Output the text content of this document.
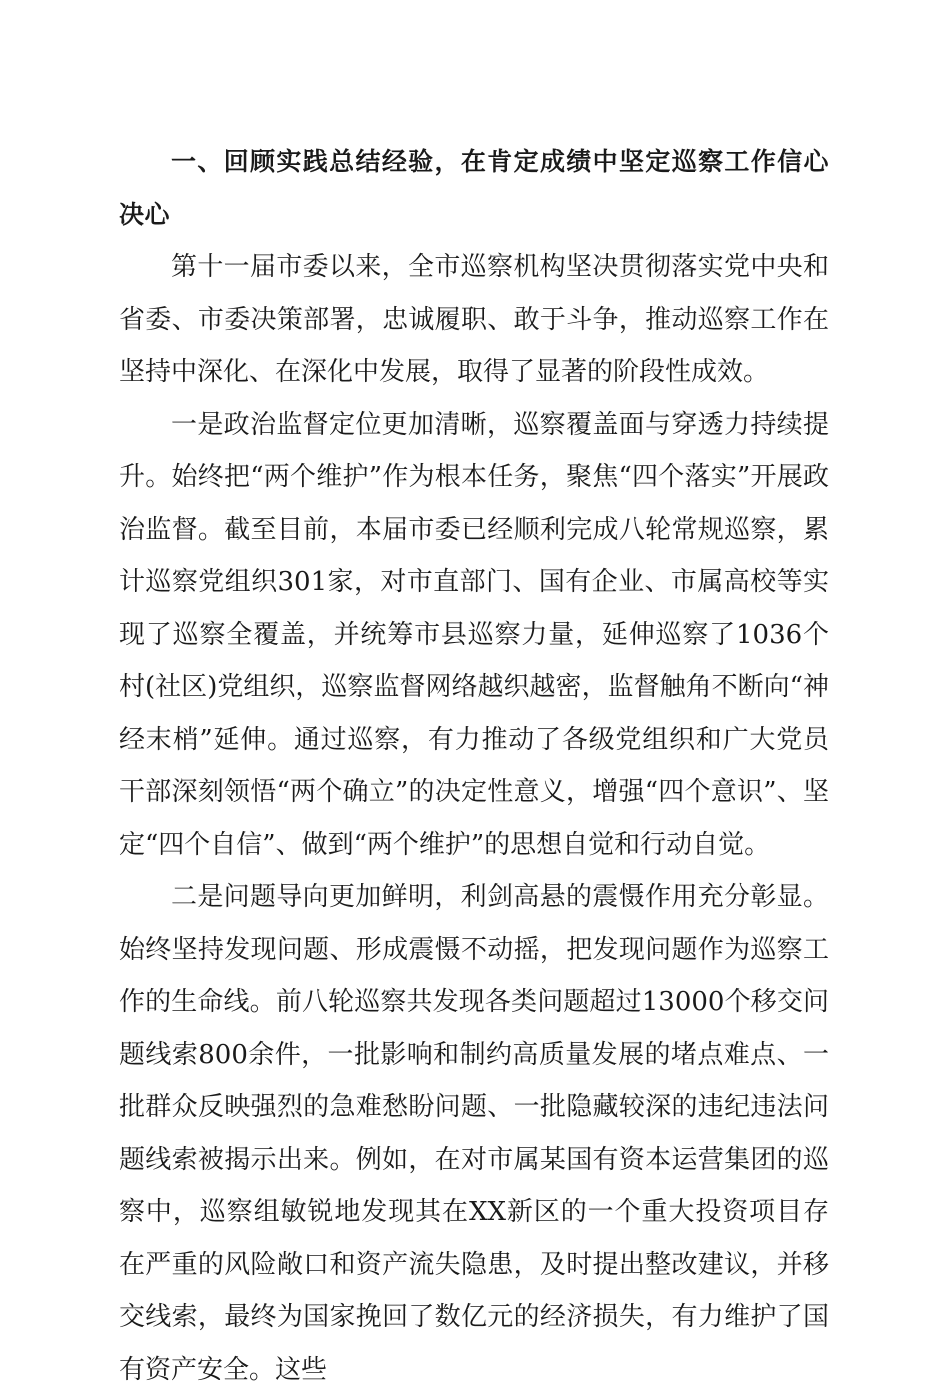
一、回顾实践总结经验，在肯定成绩中坚定巡察工作信心决心

第十一届市委以来，全市巡察机构坚决贯彻落实党中央和省委、市委决策部署，忠诚履职、敢于斗争，推动巡察工作在坚持中深化、在深化中发展，取得了显著的阶段性成效。

一是政治监督定位更加清晰，巡察覆盖面与穿透力持续提升。始终把“两个维护”作为根本任务，聚焦“四个落实”开展政治监督。截至目前，本届市委已经顺利完成八轮常规巡察，累计巡察党组织301家，对市直部门、国有企业、市属高校等实现了巡察全覆盖，并统筹市县巡察力量，延伸巡察了1036个村(社区)党组织，巡察监督网络越织越密，监督触角不断向“神经末梢”延伸。通过巡察，有力推动了各级党组织和广大党员干部深刻领悟“两个确立”的决定性意义，增强“四个意识”、坚定“四个自信”、做到“两个维护”的思想自觉和行动自觉。

二是问题导向更加鲜明，利剑高悬的震慑作用充分彰显。始终坚持发现问题、形成震慑不动摇，把发现问题作为巡察工作的生命线。前八轮巡察共发现各类问题超过13000个移交问题线索800余件，一批影响和制约高质量发展的堵点难点、一批群众反映强烈的急难愁盼问题、一批隐藏较深的违纪违法问题线索被揭示出来。例如，在对市属某国有资本运营集团的巡察中，巡察组敏锐地发现其在XX新区的一个重大投资项目存在严重的风险敞口和资产流失隐患，及时提出整改建议，并移交线索，最终为国家挽回了数亿元的经济损失，有力维护了国有资产安全。这些
